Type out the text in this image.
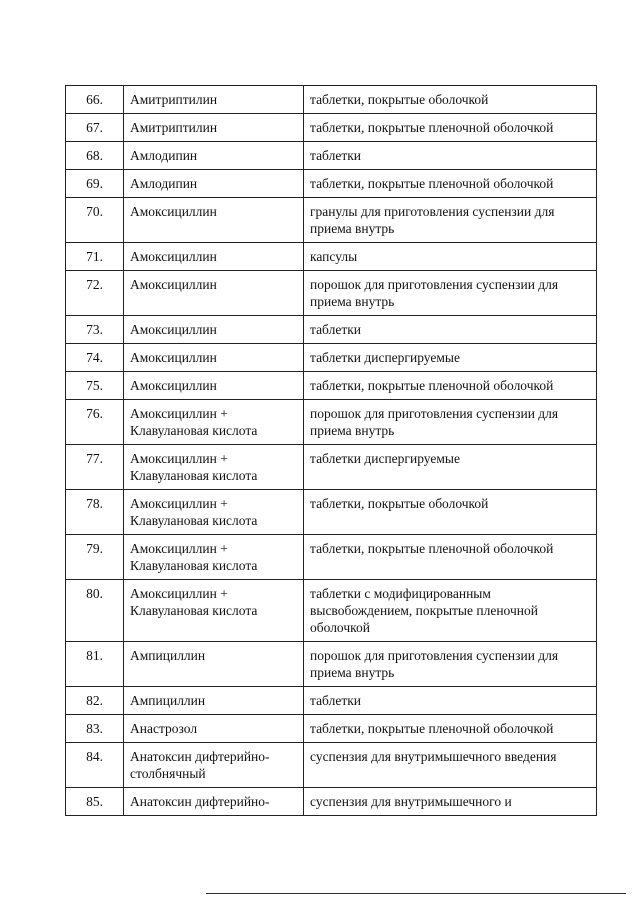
66.	Амитриптилин	таблетки, покрытые оболочкой
67.	Амитриптилин	таблетки, покрытые пленочной оболочкой
68.	Амлодипин	таблетки
69.	Амлодипин	таблетки, покрытые пленочной оболочкой
70.	Амоксициллин	гранулы для приготовления суспензии для приема внутрь
71.	Амоксициллин	капсулы
72.	Амоксициллин	порошок для приготовления суспензии для приема внутрь
73.	Амоксициллин	таблетки
74.	Амоксициллин	таблетки диспергируемые
75.	Амоксициллин	таблетки, покрытые пленочной оболочкой
76.	Амоксициллин + Клавулановая кислота	порошок для приготовления суспензии для приема внутрь
77.	Амоксициллин + Клавулановая кислота	таблетки диспергируемые
78.	Амоксициллин + Клавулановая кислота	таблетки, покрытые оболочкой
79.	Амоксициллин + Клавулановая кислота	таблетки, покрытые пленочной оболочкой
80.	Амоксициллин + Клавулановая кислота	таблетки с модифицированным высвобождением, покрытые пленочной оболочкой
81.	Ампициллин	порошок для приготовления суспензии для приема внутрь
82.	Ампициллин	таблетки
83.	Анастрозол	таблетки, покрытые пленочной оболочкой
84.	Анатоксин дифтерийно-столбнячный	суспензия для внутримышечного введения
85.	Анатоксин дифтерийно-	суспензия для внутримышечного и
